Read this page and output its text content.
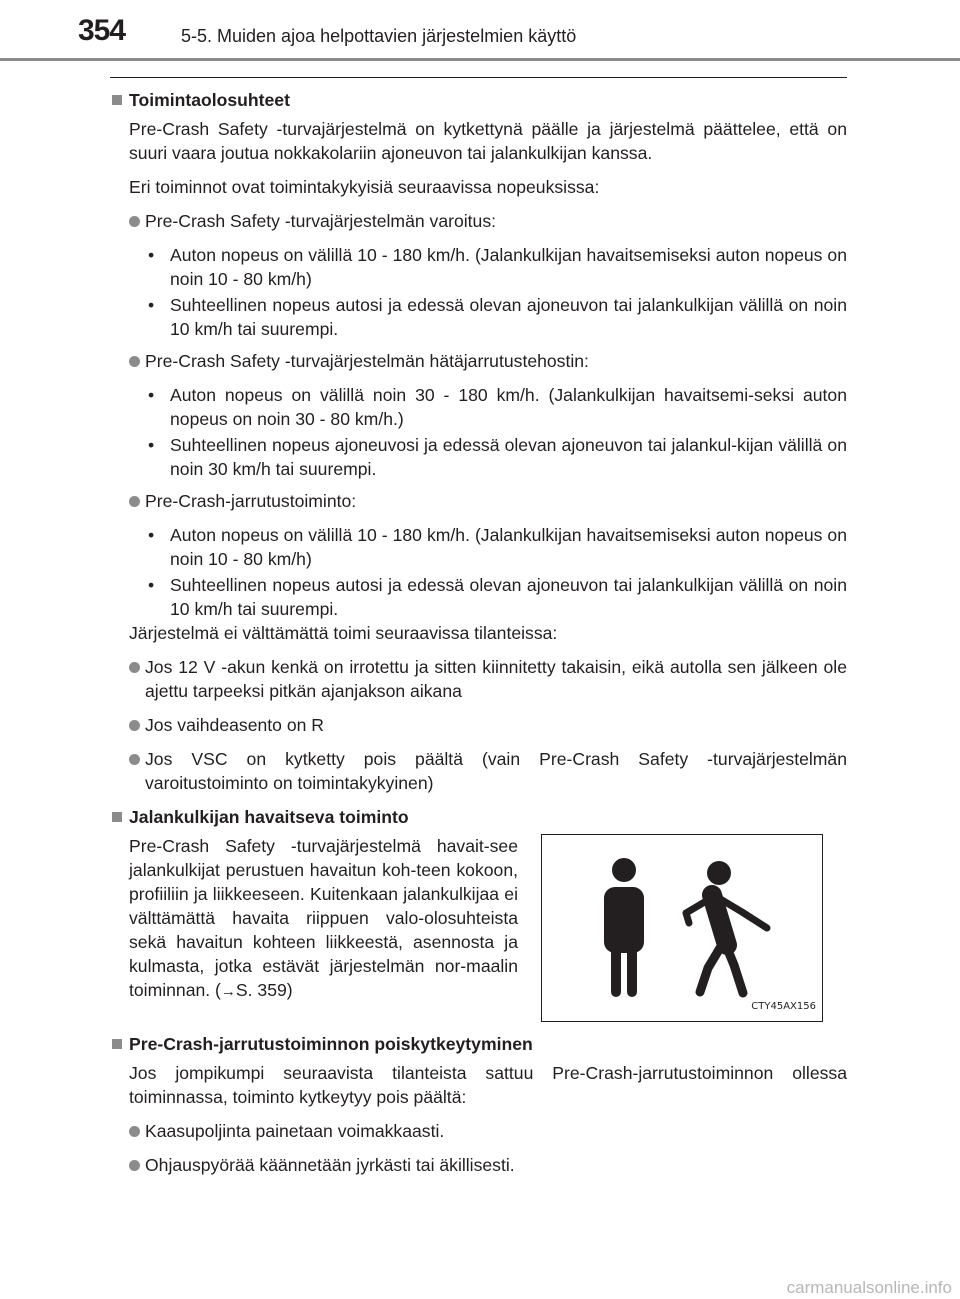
354	5-5. Muiden ajoa helpottavien järjestelmien käyttö
Toimintaolosuhteet

Pre-Crash Safety -turvajärjestelmä on kytkettynä päälle ja järjestelmä päättelee, että on suuri vaara joutua nokkakolariin ajoneuvon tai jalankulkijan kanssa.

Eri toiminnot ovat toimintakykyisiä seuraavissa nopeuksissa:

Pre-Crash Safety -turvajärjestelmän varoitus:
• Auton nopeus on välillä 10 - 180 km/h. (Jalankulkijan havaitsemiseksi auton nopeus on noin 10 - 80 km/h)
• Suhteellinen nopeus autosi ja edessä olevan ajoneuvon tai jalankulkijan välillä on noin 10 km/h tai suurempi.
Pre-Crash Safety -turvajärjestelmän hätäjarrutustehostin:
• Auton nopeus on välillä noin 30 - 180 km/h. (Jalankulkijan havaitsemi-seksi auton nopeus on noin 30 - 80 km/h.)
• Suhteellinen nopeus ajoneuvosi ja edessä olevan ajoneuvon tai jalankul-kijan välillä on noin 30 km/h tai suurempi.
Pre-Crash-jarrutustoiminto:
• Auton nopeus on välillä 10 - 180 km/h. (Jalankulkijan havaitsemiseksi auton nopeus on noin 10 - 80 km/h)
• Suhteellinen nopeus autosi ja edessä olevan ajoneuvon tai jalankulkijan välillä on noin 10 km/h tai suurempi.

Järjestelmä ei välttämättä toimi seuraavissa tilanteissa:

Jos 12 V -akun kenkä on irrotettu ja sitten kiinnitetty takaisin, eikä autolla sen jälkeen ole ajettu tarpeeksi pitkän ajanjakson aikana
Jos vaihdeasento on R
Jos VSC on kytketty pois päältä (vain Pre-Crash Safety -turvajärjestelmän varoitustoiminto on toimintakykyinen)
Jalankulkijan havaitseva toiminto
Pre-Crash Safety -turvajärjestelmä havait-see jalankulkijat perustuen havaitun koh-teen kokoon, profiiliin ja liikkeeseen. Kuitenkaan jalankulkijaa ei välttämättä havaita riippuen valo-olosuhteista sekä havaitun kohteen liikkeestä, asennosta ja kulmasta, jotka estävät järjestelmän nor-maalin toiminnan. (→S. 359)
CTY45AX156
Pre-Crash-jarrutustoiminnon poiskytkeytyminen

Jos jompikumpi seuraavista tilanteista sattuu Pre-Crash-jarrutustoiminnon ollessa toiminnassa, toiminto kytkeytyy pois päältä:

Kaasupoljinta painetaan voimakkaasti.
Ohjauspyörää käännetään jyrkästi tai äkillisesti.
carmanualsonline.info
